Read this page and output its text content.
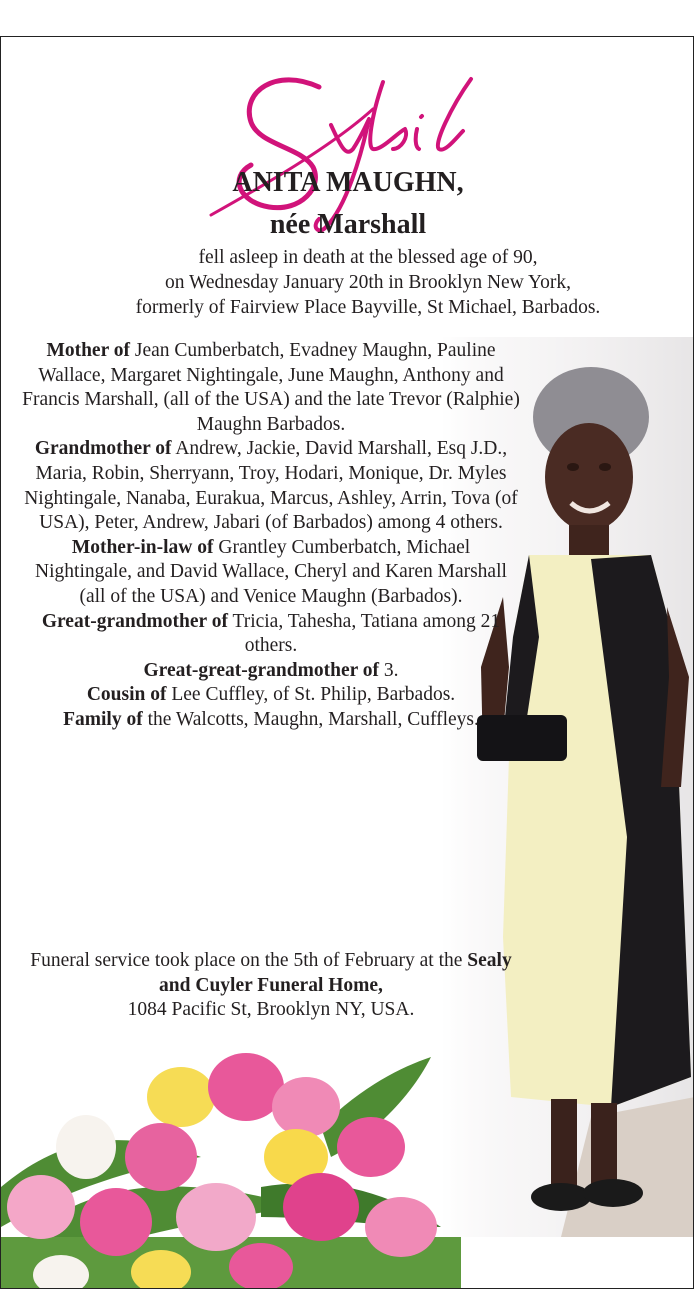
ANITA MAUGHN,
née Marshall
fell asleep in death at the blessed age of 90,
on Wednesday January 20th in Brooklyn New York,
formerly of Fairview Place Bayville, St Michael, Barbados.
Mother of Jean Cumberbatch, Evadney Maughn, Pauline Wallace, Margaret Nightingale, June Maughn, Anthony and Francis Marshall, (all of the USA) and the late Trevor (Ralphie) Maughn Barbados.
Grandmother of Andrew, Jackie, David Marshall, Esq J.D., Maria, Robin, Sherryann, Troy, Hodari, Monique, Dr. Myles Nightingale, Nanaba, Eurakua, Marcus, Ashley, Arrin, Tova (of USA), Peter, Andrew, Jabari (of Barbados) among 4 others.
Mother-in-law of Grantley Cumberbatch, Michael Nightingale, and David Wallace, Cheryl and Karen Marshall (all of the USA) and Venice Maughn (Barbados).
Great-grandmother of Tricia, Tahesha, Tatiana among 21 others.
Great-great-grandmother of 3.
Cousin of Lee Cuffley, of St. Philip, Barbados.
Family of the Walcotts, Maughn, Marshall, Cuffleys.
Funeral service took place on the 5th of February at the Sealy and Cuyler Funeral Home,
1084 Pacific St, Brooklyn NY, USA.
